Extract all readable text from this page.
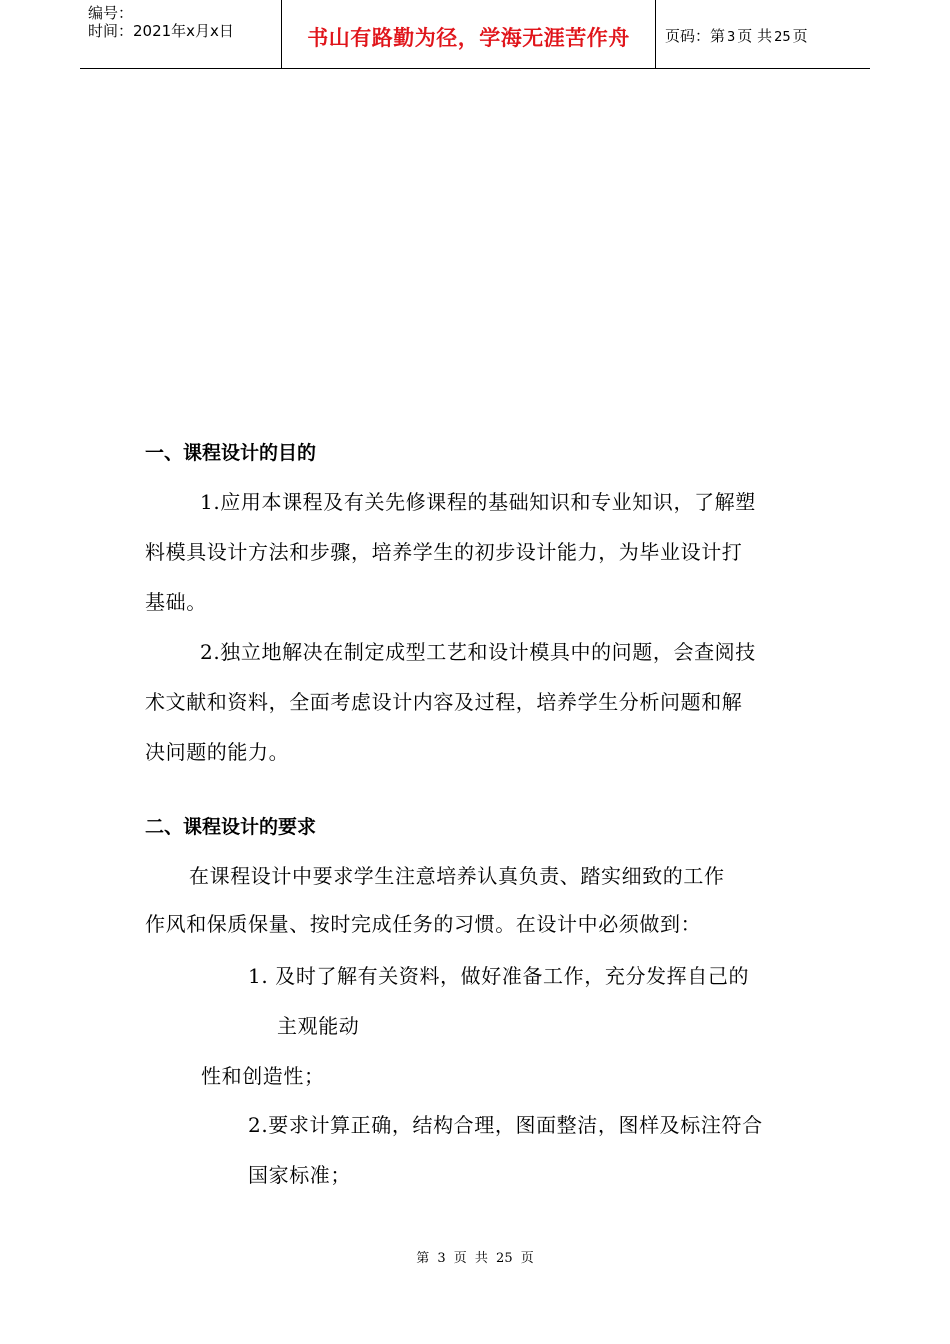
编号：
时间：2021年x月x日	书山有路勤为径，学海无涯苦作舟	页码：第 3 页 共 25 页
一、课程设计的目的
1.应用本课程及有关先修课程的基础知识和专业知识，了解塑
料模具设计方法和步骤，培养学生的初步设计能力，为毕业设计打
基础。
2.独立地解决在制定成型工艺和设计模具中的问题，会查阅技
术文献和资料，全面考虑设计内容及过程，培养学生分析问题和解
决问题的能力。
二、课程设计的要求
在课程设计中要求学生注意培养认真负责、踏实细致的工作
作风和保质保量、按时完成任务的习惯。在设计中必须做到：
1. 及时了解有关资料，做好准备工作，充分发挥自己的
主观能动
性和创造性；
2.要求计算正确，结构合理，图面整洁，图样及标注符合
国家标准；
第 3 页 共 25 页
